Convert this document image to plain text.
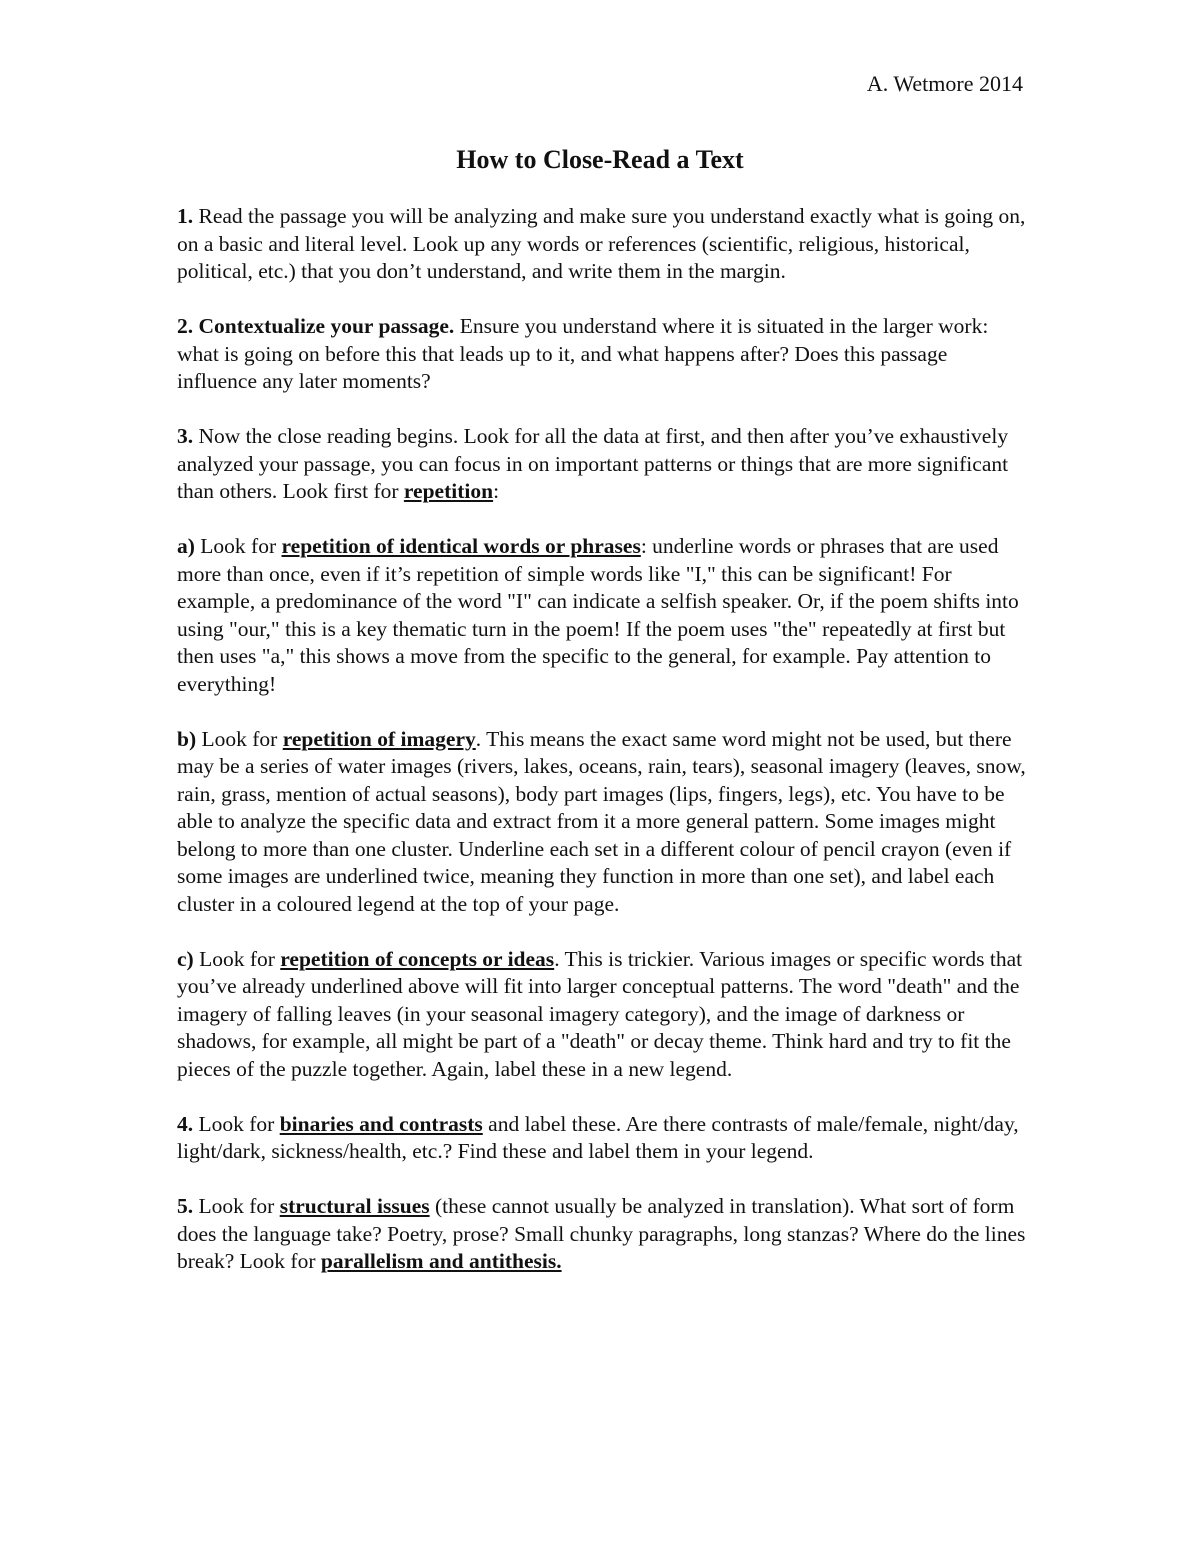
A. Wetmore 2014
How to Close-Read a Text

1. Read the passage you will be analyzing and make sure you understand exactly what is going on, on a basic and literal level. Look up any words or references (scientific, religious, historical, political, etc.) that you don’t understand, and write them in the margin.

2. Contextualize your passage. Ensure you understand where it is situated in the larger work: what is going on before this that leads up to it, and what happens after? Does this passage influence any later moments?

3. Now the close reading begins. Look for all the data at first, and then after you’ve exhaustively analyzed your passage, you can focus in on important patterns or things that are more significant than others. Look first for repetition:

a) Look for repetition of identical words or phrases: underline words or phrases that are used more than once, even if it’s repetition of simple words like "I," this can be significant! For example, a predominance of the word "I" can indicate a selfish speaker. Or, if the poem shifts into using "our," this is a key thematic turn in the poem! If the poem uses "the" repeatedly at first but then uses "a," this shows a move from the specific to the general, for example. Pay attention to everything!

b) Look for repetition of imagery. This means the exact same word might not be used, but there may be a series of water images (rivers, lakes, oceans, rain, tears), seasonal imagery (leaves, snow, rain, grass, mention of actual seasons), body part images (lips, fingers, legs), etc. You have to be able to analyze the specific data and extract from it a more general pattern. Some images might belong to more than one cluster. Underline each set in a different colour of pencil crayon (even if some images are underlined twice, meaning they function in more than one set), and label each cluster in a coloured legend at the top of your page.

c) Look for repetition of concepts or ideas. This is trickier. Various images or specific words that you’ve already underlined above will fit into larger conceptual patterns. The word "death" and the imagery of falling leaves (in your seasonal imagery category), and the image of darkness or shadows, for example, all might be part of a "death" or decay theme. Think hard and try to fit the pieces of the puzzle together. Again, label these in a new legend.

4. Look for binaries and contrasts and label these. Are there contrasts of male/female, night/day, light/dark, sickness/health, etc.? Find these and label them in your legend.

5. Look for structural issues (these cannot usually be analyzed in translation). What sort of form does the language take? Poetry, prose? Small chunky paragraphs, long stanzas? Where do the lines break? Look for parallelism and antithesis.
